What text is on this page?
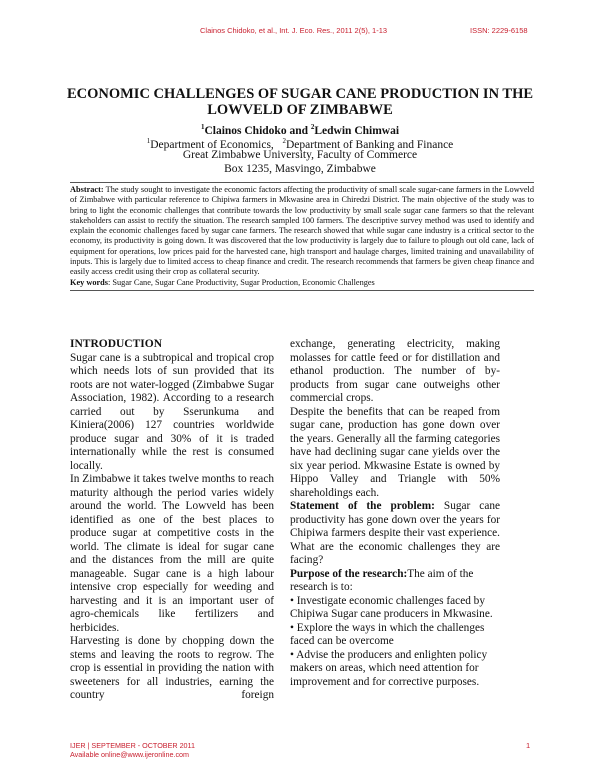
Clainos Chidoko, et al., Int. J. Eco. Res., 2011 2(5), 1-13	ISSN: 2229-6158
ECONOMIC CHALLENGES OF SUGAR CANE PRODUCTION IN THE LOWVELD OF ZIMBABWE
$^1$Clainos Chidoko and $^2$Ledwin Chimwai
$^1$Department of Economics, $^2$Department of Banking and Finance
Great Zimbabwe University, Faculty of Commerce
Box 1235, Masvingo, Zimbabwe
Abstract: The study sought to investigate the economic factors affecting the productivity of small scale sugar-cane farmers in the Lowveld of Zimbabwe with particular reference to Chipiwa farmers in Mkwasine area in Chiredzi District. The main objective of the study was to bring to light the economic challenges that contribute towards the low productivity by small scale sugar cane farmers so that the relevant stakeholders can assist to rectify the situation. The research sampled 100 farmers. The descriptive survey method was used to identify and explain the economic challenges faced by sugar cane farmers. The research showed that while sugar cane industry is a critical sector to the economy, its productivity is going down. It was discovered that the low productivity is largely due to failure to plough out old cane, lack of equipment for operations, low prices paid for the harvested cane, high transport and haulage charges, limited training and unavailability of inputs. This is largely due to limited access to cheap finance and credit. The research recommends that farmers be given cheap finance and easily access credit using their crop as collateral security.
Key words: Sugar Cane, Sugar Cane Productivity, Sugar Production, Economic Challenges

INTRODUCTION

Sugar cane is a subtropical and tropical crop which needs lots of sun provided that its roots are not water-logged (Zimbabwe Sugar Association, 1982). According to a research carried out by Sserunkuma and Kiniera(2006) 127 countries worldwide produce sugar and 30% of it is traded internationally while the rest is consumed locally.

In Zimbabwe it takes twelve months to reach maturity although the period varies widely around the world. The Lowveld has been identified as one of the best places to produce sugar at competitive costs in the world. The climate is ideal for sugar cane and the distances from the mill are quite manageable. Sugar cane is a high labour intensive crop especially for weeding and harvesting and it is an important user of agro-chemicals like fertilizers and herbicides.

Harvesting is done by chopping down the stems and leaving the roots to regrow. The crop is essential in providing the nation with sweeteners for all industries, earning the country foreign

exchange, generating electricity, making molasses for cattle feed or for distillation and ethanol production. The number of by-products from sugar cane outweighs other commercial crops.

Despite the benefits that can be reaped from sugar cane, production has gone down over the years. Generally all the farming categories have had declining sugar cane yields over the six year period. Mkwasine Estate is owned by Hippo Valley and Triangle with 50% shareholdings each.

Statement of the problem: Sugar cane productivity has gone down over the years for Chipiwa farmers despite their vast experience. What are the economic challenges they are facing?

Purpose of the research:The aim of the research is to:

• Investigate economic challenges faced by Chipiwa Sugar cane producers in Mkwasine.

• Explore the ways in which the challenges faced can be overcome

• Advise the producers and enlighten policy makers on areas, which need attention for improvement and for corrective purposes.

IJER | SEPTEMBER - OCTOBER 2011
Available online@www.ijeronline.com
1
